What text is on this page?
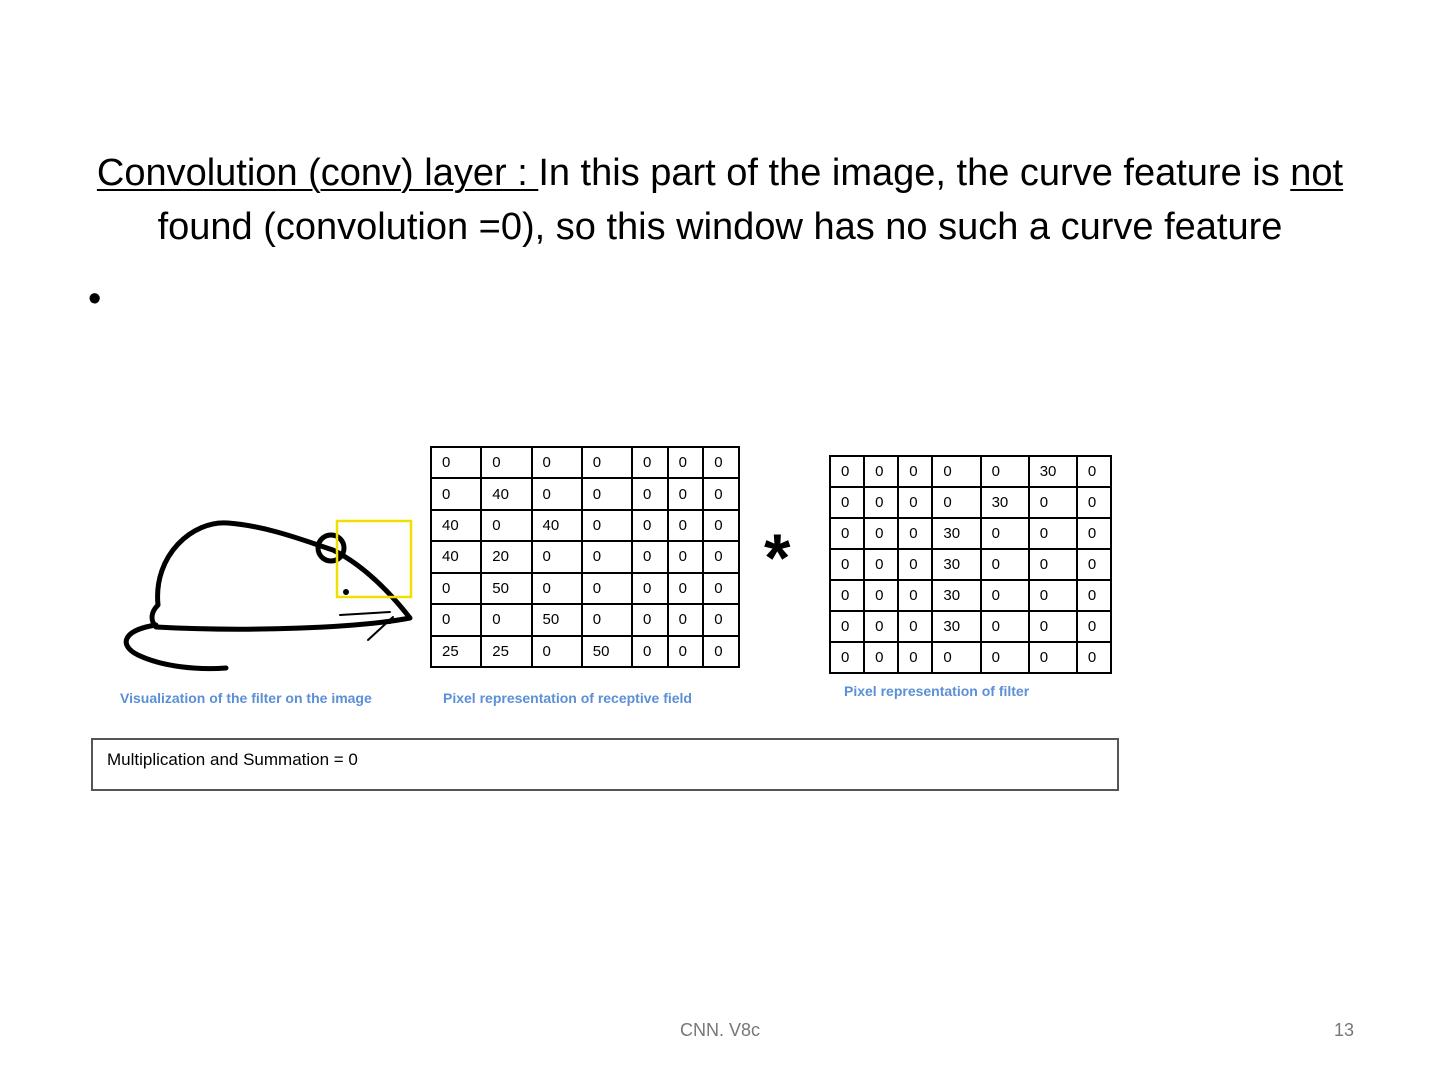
Convolution (conv) layer : In this part of the image, the curve feature is not found (convolution =0), so this window has no such a curve feature
•
0	0	0	0	0	0	0
0	40	0	0	0	0	0
40	0	40	0	0	0	0
40	20	0	0	0	0	0
0	50	0	0	0	0	0
0	0	50	0	0	0	0
25	25	0	50	0	0	0
*
0	0	0	0	0	30	0
0	0	0	0	30	0	0
0	0	0	30	0	0	0
0	0	0	30	0	0	0
0	0	0	30	0	0	0
0	0	0	30	0	0	0
0	0	0	0	0	0	0
Visualization of the filter on the image	Pixel representation of receptive field	Pixel representation of filter
Multiplication and Summation = 0
CNN. V8c	13
